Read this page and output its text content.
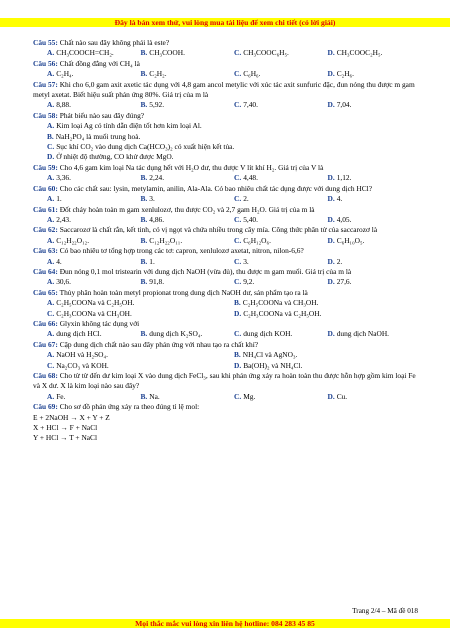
Đây là bản xem thử, vui lòng mua tài liệu để xem chi tiết (có lời giải)
Câu 55: Chất nào sau đây không phải là este?
A. CH₃COOCH=CH₂.	B. CH₃COOH.	C. CH₃COOC₆H₅.	D. CH₃COOC₂H₅.
Câu 56: Chất đồng đẳng với CH₄ là
A. C₂H₄.	B. C₂H₂.	C. C₆H₆.	D. C₂H₆.
Câu 57: Khi cho 6,0 gam axit axetic tác dụng với 4,8 gam ancol metylic với xúc tác axit sunfuric đặc, đun nóng thu được m gam metyl axetat. Biết hiệu suất phản ứng 80%. Giá trị của m là
A. 8,88.	B. 5,92.	C. 7,40.	D. 7,04.
Câu 58: Phát biểu nào sau đây đúng?
A. Kim loại Ag có tính dẫn điện tốt hơn kim loại Al.
B. NaH₂PO₄ là muối trung hoà.
C. Sục khí CO₂ vào dung dịch Ca(HCO₃)₂ có xuất hiện kết tủa.
D. Ở nhiệt độ thường, CO khử được MgO.
Câu 59: Cho 4,6 gam kim loại Na tác dụng hết với H₂O dư, thu được V lít khí H₂. Giá trị của V là
A. 3,36.	B. 2,24.	C. 4,48.	D. 1,12.
Câu 60: Cho các chất sau: lysin, metylamin, anilin, Ala-Ala. Có bao nhiêu chất tác dụng được với dung dịch HCl?
A. 1.	B. 3.	C. 2.	D. 4.
Câu 61: Đốt cháy hoàn toàn m gam xenlulozơ, thu được CO₂ và 2,7 gam H₂O. Giá trị của m là
A. 2,43.	B. 4,86.	C. 5,40.	D. 4,05.
Câu 62: Saccarozơ là chất rắn, kết tinh, có vị ngọt và chứa nhiều trong cây mía. Công thức phân tử của saccarozơ là
A. C₁₂H₂₂O₁₂.	B. C₁₂H₂₂O₁₁.	C. C₆H₁₂O₆.	D. C₆H₁₀O₅.
Câu 63: Có bao nhiêu tơ tổng hợp trong các tơ: capron, xenlulozơ axetat, nitron, nilon-6,6?
A. 4.	B. 1.	C. 3.	D. 2.
Câu 64: Đun nóng 0,1 mol tristearin với dung dịch NaOH (vừa đủ), thu được m gam muối. Giá trị của m là
A. 30,6.	B. 91,8.	C. 9,2.	D. 27,6.
Câu 65: Thủy phân hoàn toàn metyl propionat trong dung dịch NaOH dư, sản phẩm tạo ra là
A. C₂H₅COONa và C₂H₅OH.	B. C₂H₅COONa và CH₃OH.
C. C₂H₃COONa và CH₃OH.	D. C₂H₃COONa và C₂H₅OH.
Câu 66: Glyxin không tác dụng với
A. dung dịch HCl.	B. dung dịch K₂SO₄.	C. dung dịch KOH.	D. dung dịch NaOH.
Câu 67: Cặp dung dịch chất nào sau đây phản ứng với nhau tạo ra chất khí?
A. NaOH và H₂SO₄.	B. NH₄Cl và AgNO₃.
C. Na₂CO₃ và KOH.	D. Ba(OH)₂ và NH₄Cl.
Câu 68: Cho từ từ đến dư kim loại X vào dung dịch FeCl₃, sau khi phản ứng xảy ra hoàn toàn thu được hỗn hợp gồm kim loại Fe và X dư. X là kim loại nào sau đây?
A. Fe.	B. Na.	C. Mg.	D. Cu.
Câu 69: Cho sơ đồ phản ứng xảy ra theo đúng tỉ lệ mol:
E + 2NaOH → X + Y + Z
X + HCl → F + NaCl
Y + HCl → T + NaCl
Trang 2/4 – Mã đề 018
Mọi thắc mắc vui lòng xin liên hệ hotline: 084 283 45 85
